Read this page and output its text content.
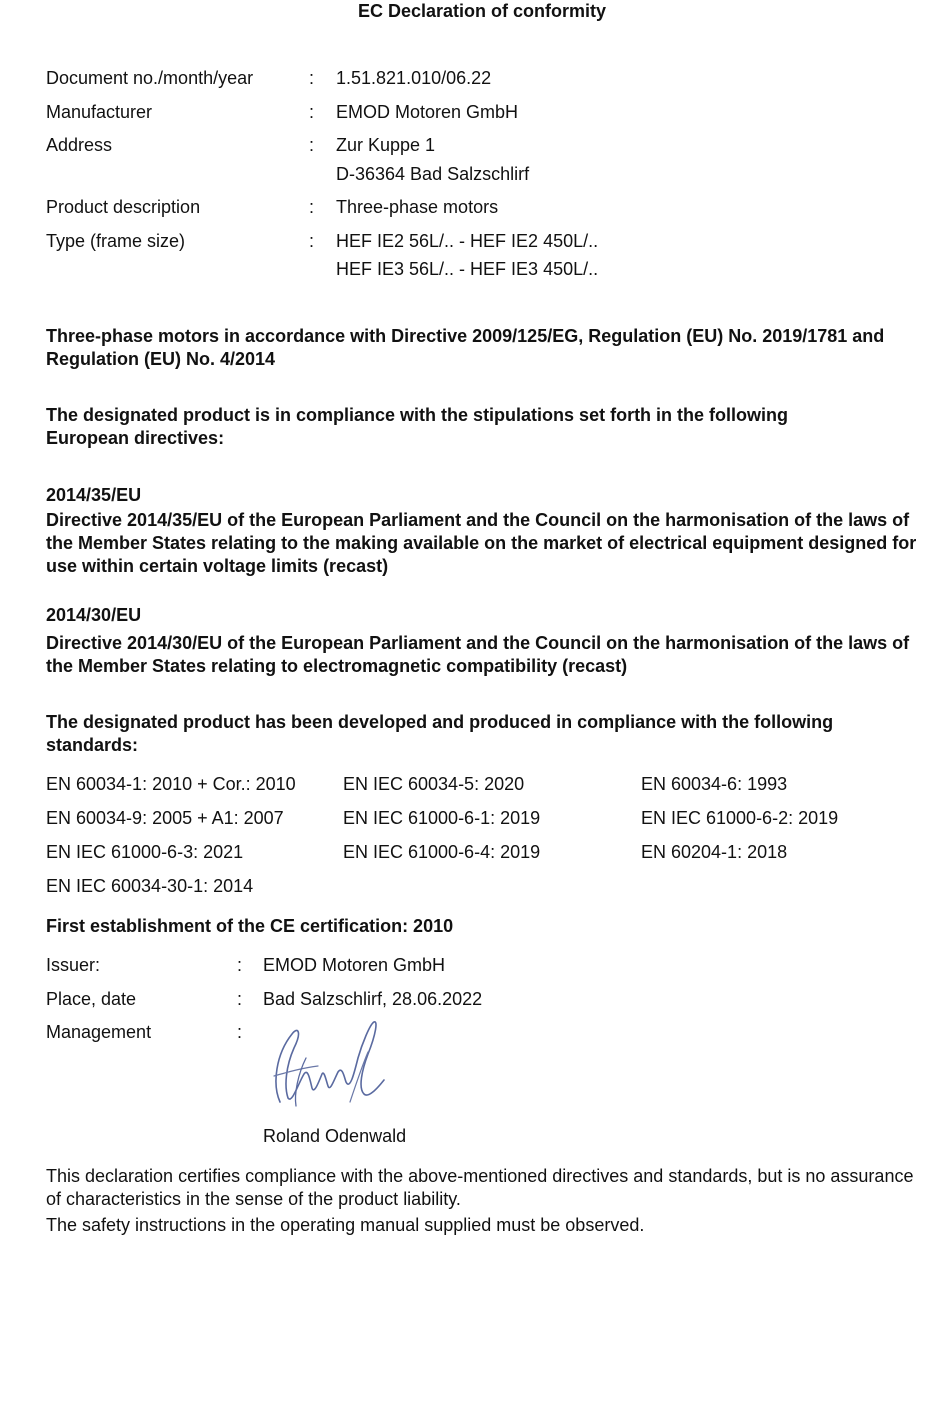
EC Declaration of conformity
Document no./month/year	: 1.51.821.010/06.22
Manufacturer	: EMOD Motoren GmbH
Address	: Zur Kuppe 1
D-36364 Bad Salzschlirf
Product description	: Three-phase motors
Type (frame size)	: HEF IE2 56L/.. - HEF IE2 450L/..
HEF IE3 56L/.. - HEF IE3 450L/..
Three-phase motors in accordance with Directive 2009/125/EG, Regulation (EU) No. 2019/1781 and Regulation (EU) No. 4/2014
The designated product is in compliance with the stipulations set forth in the following European directives:
2014/35/EU
Directive 2014/35/EU of the European Parliament and the Council on the harmonisation of the laws of the Member States relating to the making available on the market of electrical equipment designed for use within certain voltage limits (recast)
2014/30/EU
Directive 2014/30/EU of the European Parliament and the Council on the harmonisation of the laws of the Member States relating to electromagnetic compatibility (recast)
The designated product has been developed and produced in compliance with the following standards:
EN 60034-1: 2010 + Cor.: 2010	EN IEC 60034-5: 2020	EN 60034-6: 1993
EN 60034-9: 2005 + A1: 2007	EN IEC 61000-6-1: 2019	EN IEC 61000-6-2: 2019
EN IEC 61000-6-3: 2021	EN IEC 61000-6-4: 2019	EN 60204-1: 2018
EN IEC 60034-30-1: 2014
First establishment of the CE certification: 2010
Issuer:	: EMOD Motoren GmbH
Place, date	: Bad Salzschlirf, 28.06.2022
Management	:
Roland Odenwald
This declaration certifies compliance with the above-mentioned directives and standards, but is no assurance of characteristics in the sense of the product liability.
The safety instructions in the operating manual supplied must be observed.
